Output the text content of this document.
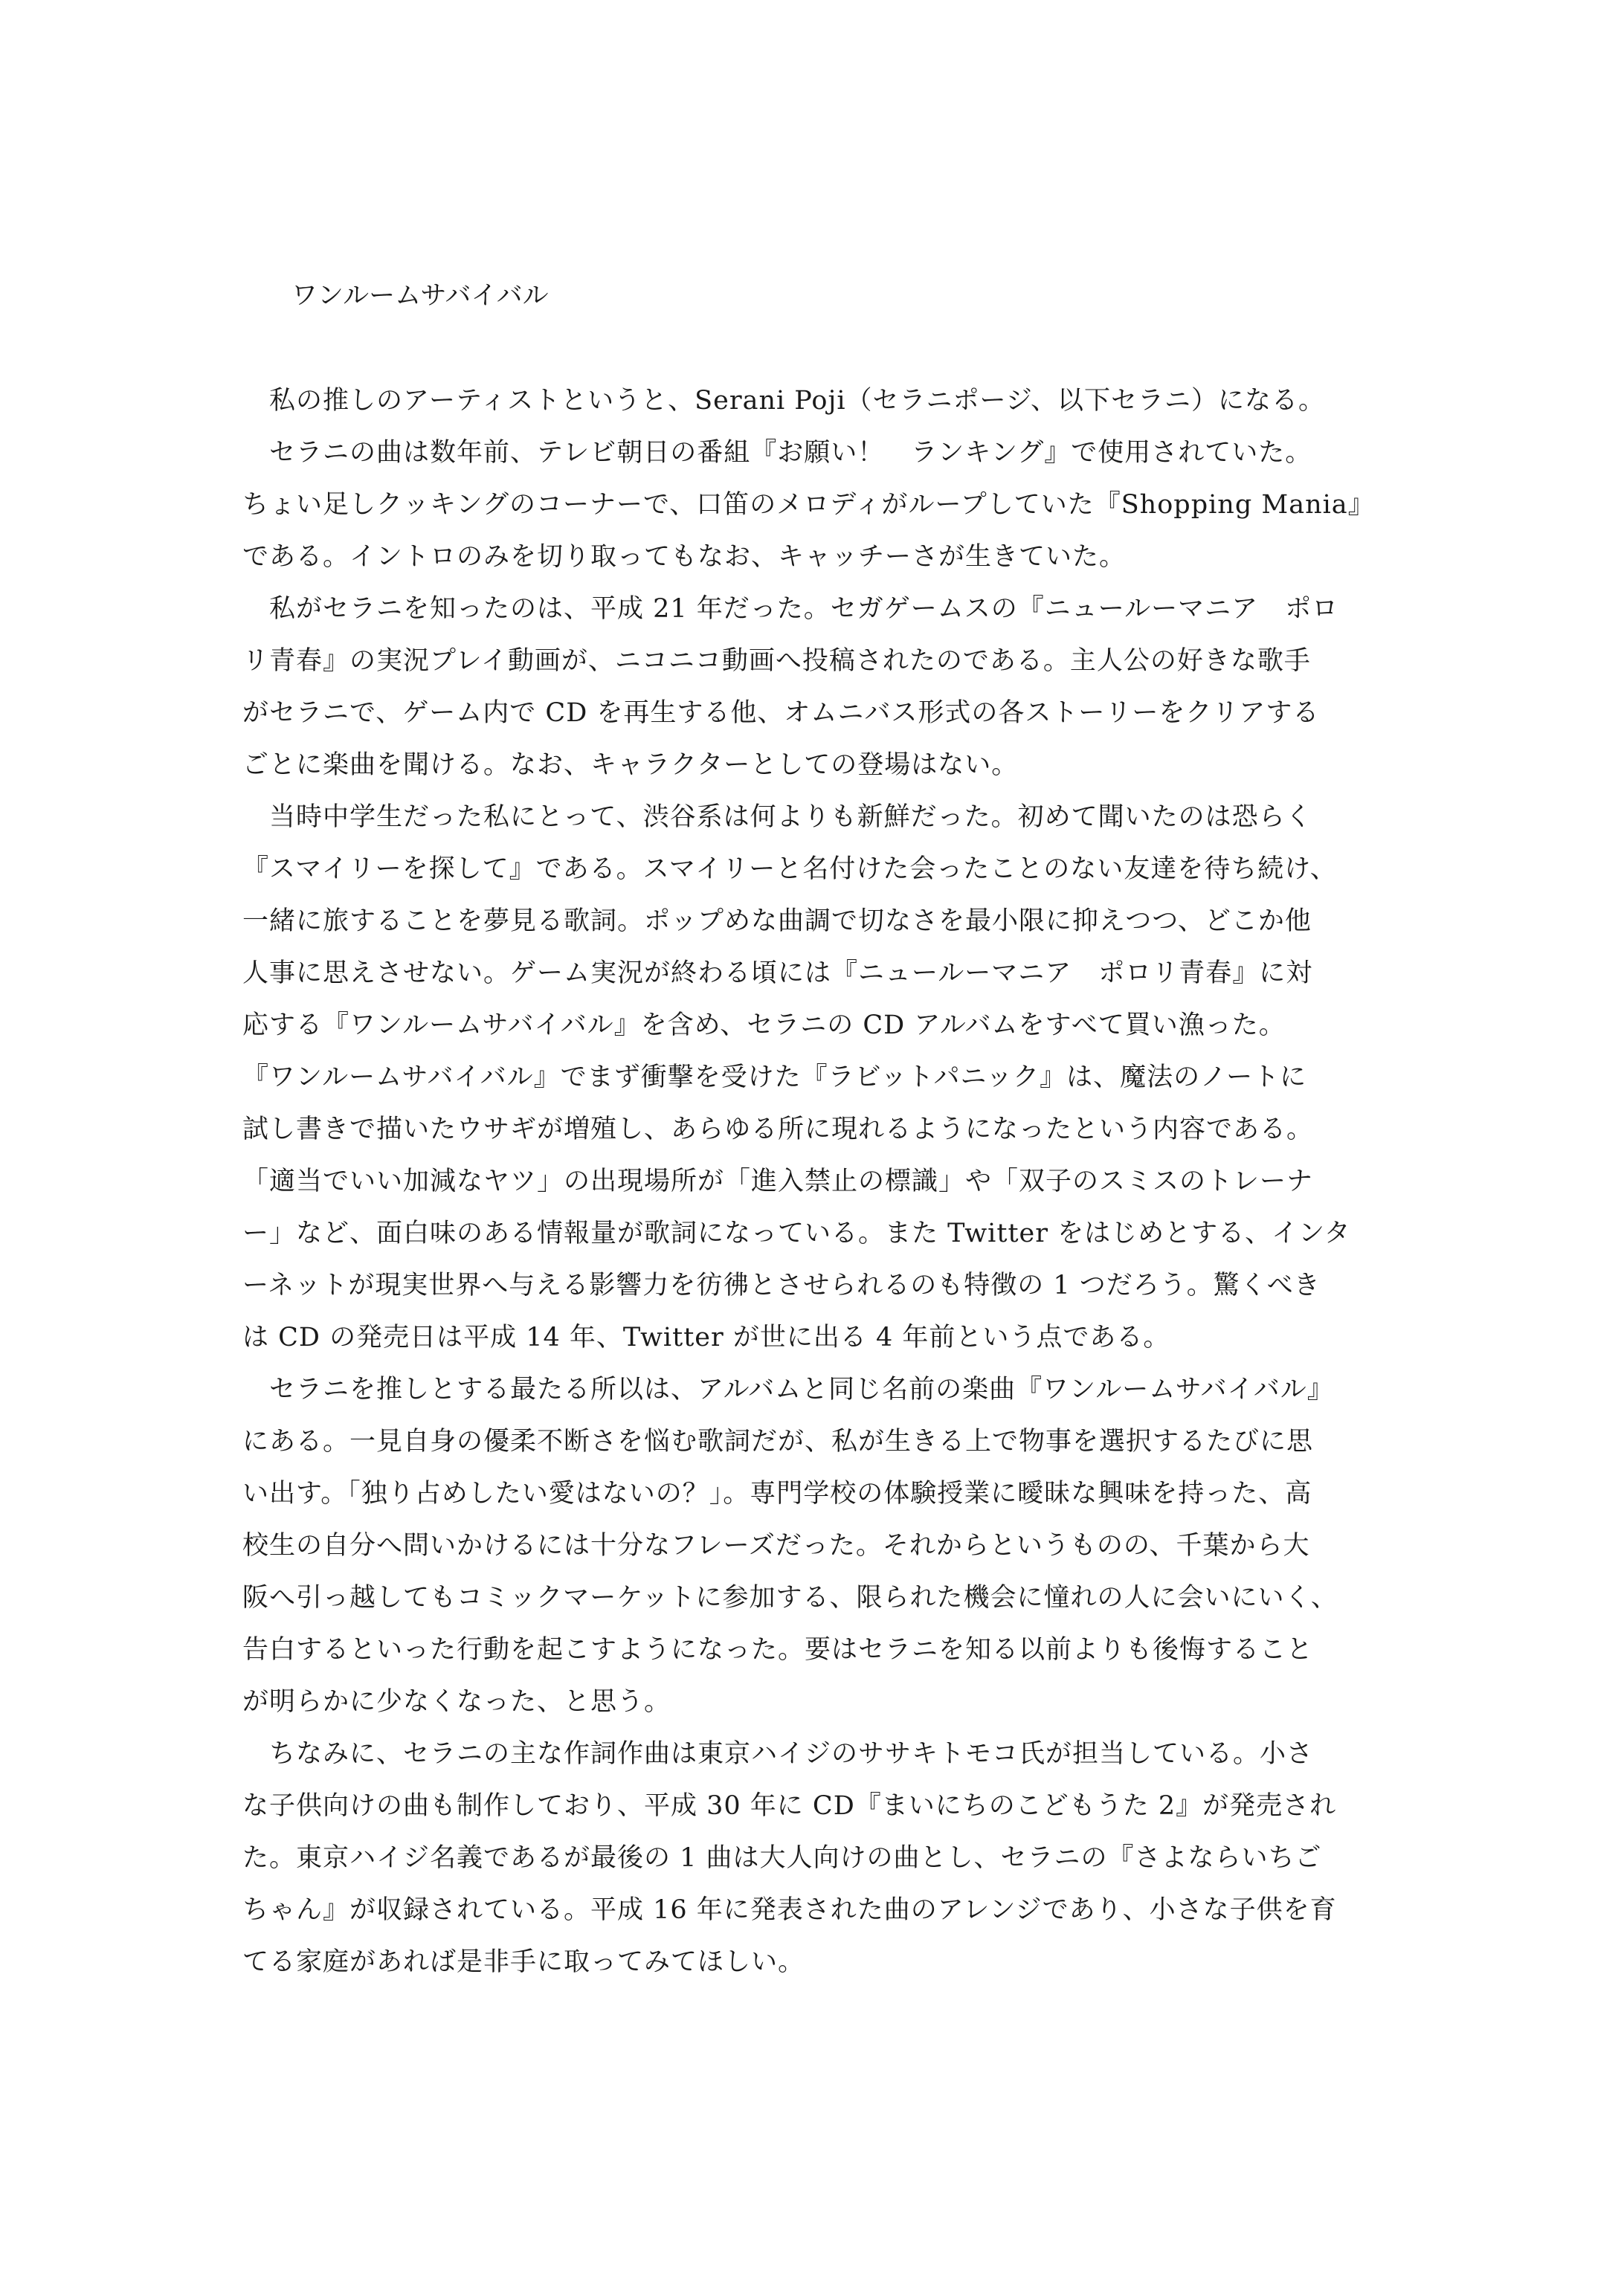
ワンルームサバイバル
　私の推しのアーティストというと、Serani Poji（セラニポージ、以下セラニ）になる。
　セラニの曲は数年前、テレビ朝日の番組『お願い！　ランキング』で使用されていた。
ちょい足しクッキングのコーナーで、口笛のメロディがループしていた『Shopping Mania』
である。イントロのみを切り取ってもなお、キャッチーさが生きていた。
　私がセラニを知ったのは、平成 21 年だった。セガゲームスの『ニュールーマニア　ポロ
リ青春』の実況プレイ動画が、ニコニコ動画へ投稿されたのである。主人公の好きな歌手
がセラニで、ゲーム内で CD を再生する他、オムニバス形式の各ストーリーをクリアする
ごとに楽曲を聞ける。なお、キャラクターとしての登場はない。
　当時中学生だった私にとって、渋谷系は何よりも新鮮だった。初めて聞いたのは恐らく
『スマイリーを探して』である。スマイリーと名付けた会ったことのない友達を待ち続け、
一緒に旅することを夢見る歌詞。ポップめな曲調で切なさを最小限に抑えつつ、どこか他
人事に思えさせない。ゲーム実況が終わる頃には『ニュールーマニア　ポロリ青春』に対
応する『ワンルームサバイバル』を含め、セラニの CD アルバムをすべて買い漁った。
『ワンルームサバイバル』でまず衝撃を受けた『ラビットパニック』は、魔法のノートに
試し書きで描いたウサギが増殖し、あらゆる所に現れるようになったという内容である。
「適当でいい加減なヤツ」の出現場所が「進入禁止の標識」や「双子のスミスのトレーナ
ー」など、面白味のある情報量が歌詞になっている。また Twitter をはじめとする、インタ
ーネットが現実世界へ与える影響力を彷彿とさせられるのも特徴の 1 つだろう。驚くべき
は CD の発売日は平成 14 年、Twitter が世に出る 4 年前という点である。
　セラニを推しとする最たる所以は、アルバムと同じ名前の楽曲『ワンルームサバイバル』
にある。一見自身の優柔不断さを悩む歌詞だが、私が生きる上で物事を選択するたびに思
い出す。「独り占めしたい愛はないの？」。専門学校の体験授業に曖昧な興味を持った、高
校生の自分へ問いかけるには十分なフレーズだった。それからというものの、千葉から大
阪へ引っ越してもコミックマーケットに参加する、限られた機会に憧れの人に会いにいく、
告白するといった行動を起こすようになった。要はセラニを知る以前よりも後悔すること
が明らかに少なくなった、と思う。
　ちなみに、セラニの主な作詞作曲は東京ハイジのササキトモコ氏が担当している。小さ
な子供向けの曲も制作しており、平成 30 年に CD『まいにちのこどもうた 2』が発売され
た。東京ハイジ名義であるが最後の 1 曲は大人向けの曲とし、セラニの『さよならいちご
ちゃん』が収録されている。平成 16 年に発表された曲のアレンジであり、小さな子供を育
てる家庭があれば是非手に取ってみてほしい。
